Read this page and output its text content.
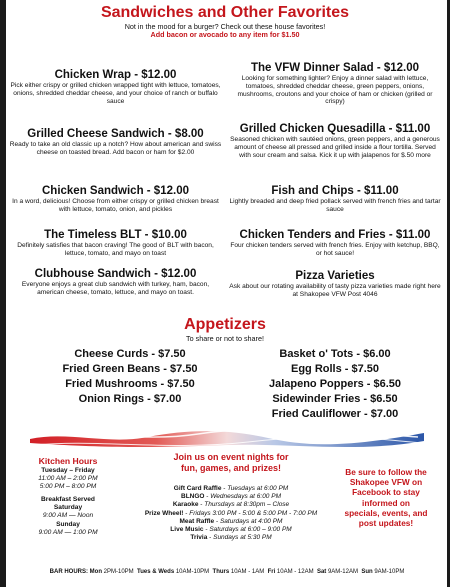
Sandwiches and Other Favorites
Not in the mood for a burger? Check out these house favorites!
Add bacon or avocado to any item for $1.50
Chicken Wrap - $12.00
Pick either crispy or grilled chicken wrapped tight with lettuce, tomatoes, onions, shredded cheddar cheese, and your choice of ranch or buffalo sauce
Grilled Cheese Sandwich - $8.00
Ready to take an old classic up a notch? How about american and swiss cheese on toasted bread. Add bacon or ham for $2.00
Chicken Sandwich - $12.00
In a word, delicious! Choose from either crispy or grilled chicken breast with lettuce, tomato, onion, and pickles
The Timeless BLT - $10.00
Definitely satisfies that bacon craving! The good ol' BLT with bacon, lettuce, tomato, and mayo on toast
Clubhouse Sandwich - $12.00
Everyone enjoys a great club sandwich with turkey, ham, bacon, american cheese, tomato, lettuce, and mayo on toast.
The VFW Dinner Salad - $12.00
Looking for something lighter? Enjoy a dinner salad with lettuce, tomatoes, shredded cheddar cheese, green peppers, onions, mushrooms, croutons and your choice of ham or chicken (grilled or crispy)
Grilled Chicken Quesadilla - $11.00
Seasoned chicken with sautéed onions, green peppers, and a generous amount of cheese all pressed and grilled inside a flour tortilla. Served with sour cream and salsa. Kick it up with jalapenos for $.50 more
Fish and Chips - $11.00
Lightly breaded and deep fried pollack served with french fries and tartar sauce
Chicken Tenders and Fries - $11.00
Four chicken tenders served with french fries. Enjoy with ketchup, BBQ, or hot sauce!
Pizza Varieties
Ask about our rotating availability of tasty pizza varieties made right here at Shakopee VFW Post 4046
Appetizers
To share or not to share!
Cheese Curds - $7.50
Fried Green Beans - $7.50
Fried Mushrooms - $7.50
Onion Rings - $7.00
Basket o' Tots - $6.00
Egg Rolls - $7.50
Jalapeno Poppers - $6.50
Sidewinder Fries - $6.50
Fried Cauliflower - $7.00
Kitchen Hours
Tuesday – Friday
11:00 AM – 2:00 PM
5:00 PM – 8:00 PM
Breakfast Served
Saturday
9:00 AM — Noon
Sunday
9:00 AM — 1:00 PM
Join us on event nights for
fun, games, and prizes!
Gift Card Raffle - Tuesdays at 6:00 PM
BLNGO - Wednesdays at 6:00 PM
Karaoke - Thursdays at 8:30pm – Close
Prize Wheel! - Fridays 3:00 PM - 5:00 & 5:00 PM - 7:00 PM
Meat Raffle - Saturdays at 4:00 PM
Live Music - Saturdays at 6:00 – 9:00 PM
Trivia - Sundays at 5:30 PM
Be sure to follow the
Shakopee VFW on
Facebook to stay
informed on
specials, events, and
post updates!
BAR HOURS: Mon 2PM-10PM Tues & Weds 10AM-10PM Thurs 10AM - 1AM Fri 10AM - 12AM Sat 9AM-12AM Sun 9AM-10PM
